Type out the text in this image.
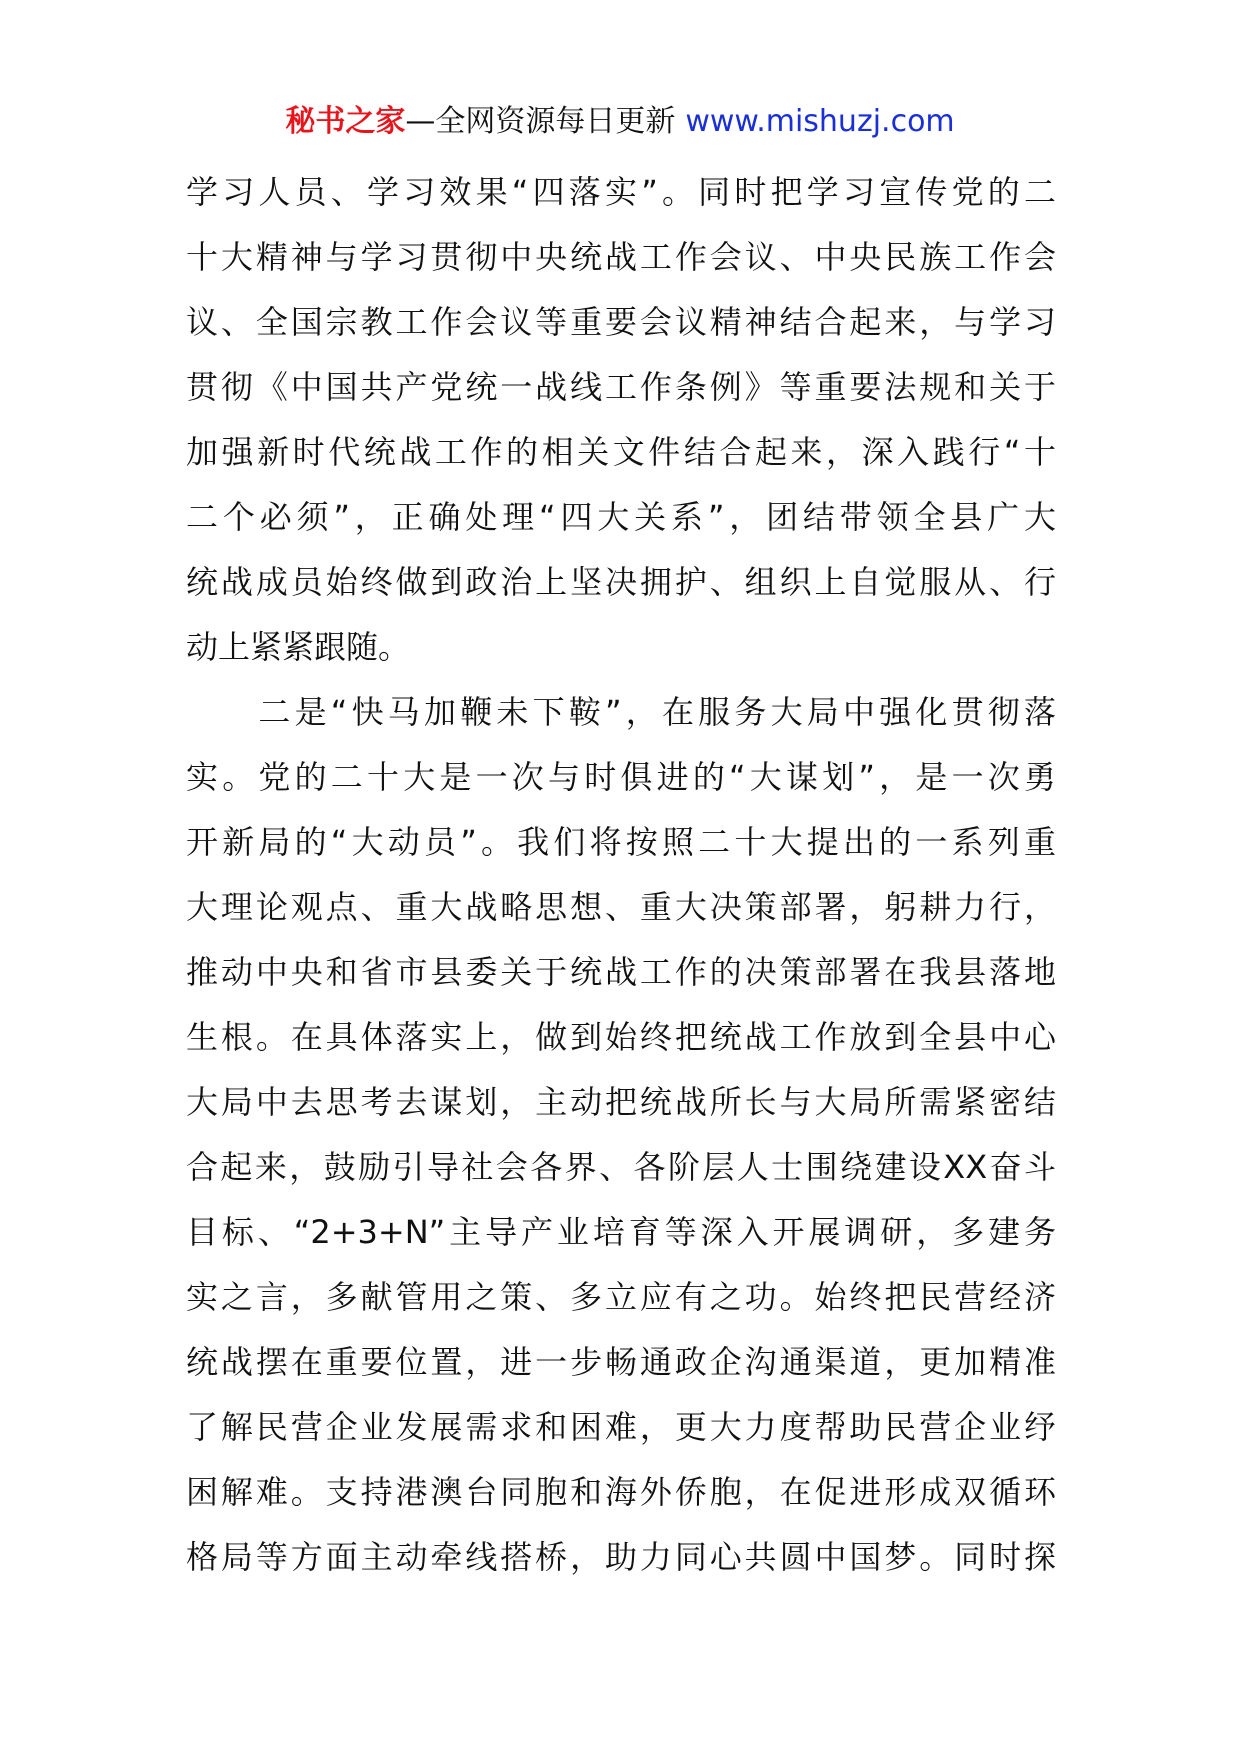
秘书之家—全网资源每日更新 www.mishuzj.com
学习人员、学习效果“四落实”。同时把学习宣传党的二
十大精神与学习贯彻中央统战工作会议、中央民族工作会
议、全国宗教工作会议等重要会议精神结合起来，与学习
贯彻《中国共产党统一战线工作条例》等重要法规和关于
加强新时代统战工作的相关文件结合起来，深入践行“十
二个必须”，正确处理“四大关系”，团结带领全县广大
统战成员始终做到政治上坚决拥护、组织上自觉服从、行
动上紧紧跟随。
　　二是“快马加鞭未下鞍”，在服务大局中强化贯彻落
实。党的二十大是一次与时俱进的“大谋划”，是一次勇
开新局的“大动员”。我们将按照二十大提出的一系列重
大理论观点、重大战略思想、重大决策部署，躬耕力行，
推动中央和省市县委关于统战工作的决策部署在我县落地
生根。在具体落实上，做到始终把统战工作放到全县中心
大局中去思考去谋划，主动把统战所长与大局所需紧密结
合起来，鼓励引导社会各界、各阶层人士围绕建设XX奋斗
目标、“2+3+N”主导产业培育等深入开展调研，多建务
实之言，多献管用之策、多立应有之功。始终把民营经济
统战摆在重要位置，进一步畅通政企沟通渠道，更加精准
了解民营企业发展需求和困难，更大力度帮助民营企业纾
困解难。支持港澳台同胞和海外侨胞，在促进形成双循环
格局等方面主动牵线搭桥，助力同心共圆中国梦。同时探
